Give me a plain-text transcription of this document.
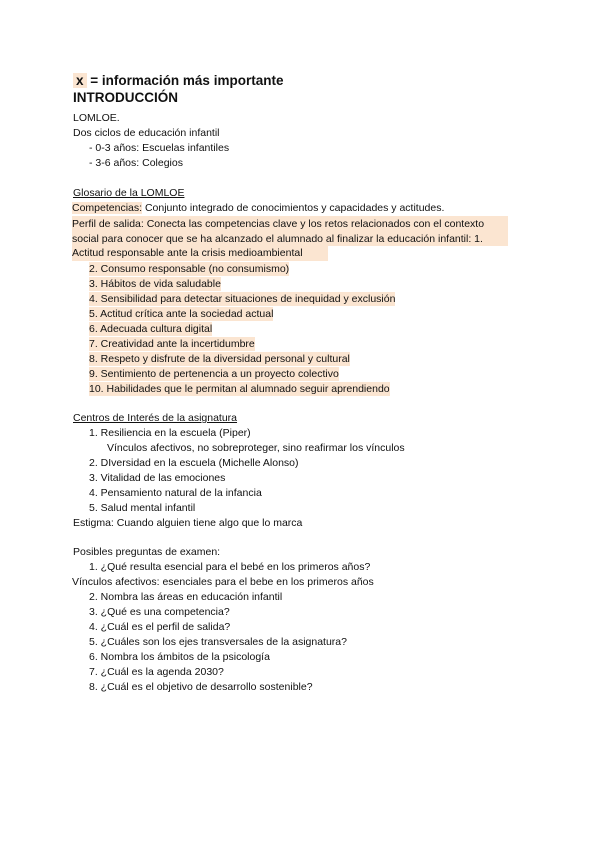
x = información más importante
INTRODUCCIÓN
LOMLOE.
Dos ciclos de educación infantil
- 0-3 años: Escuelas infantiles
- 3-6 años: Colegios
Glosario de la LOMLOE
Competencias: Conjunto integrado de conocimientos y capacidades y actitudes.
Perfil de salida: Conecta las competencias clave y los retos relacionados con el contexto social para conocer que se ha alcanzado el alumnado al finalizar la educación infantil: 1. Actitud responsable ante la crisis medioambiental
2. Consumo responsable (no consumismo)
3. Hábitos de vida saludable
4. Sensibilidad para detectar situaciones de inequidad y exclusión
5. Actitud crítica ante la sociedad actual
6. Adecuada cultura digital
7. Creatividad ante la incertidumbre
8. Respeto y disfrute de la diversidad personal y cultural
9. Sentimiento de pertenencia a un proyecto colectivo
10. Habilidades que le permitan al alumnado seguir aprendiendo
Centros de Interés de la asignatura
1. Resiliencia en la escuela (Piper)
Vínculos afectivos, no sobreproteger, sino reafirmar los vínculos
2. DIversidad en la escuela (Michelle Alonso)
3. Vitalidad de las emociones
4. Pensamiento natural de la infancia
5. Salud mental infantil
Estigma: Cuando alguien tiene algo que lo marca
Posibles preguntas de examen:
1. ¿Qué resulta esencial para el bebé en los primeros años?
Vínculos afectivos: esenciales para el bebe en los primeros años
2. Nombra las áreas en educación infantil
3. ¿Qué es una competencia?
4. ¿Cuál es el perfil de salida?
5. ¿Cuáles son los ejes transversales de la asignatura?
6. Nombra los ámbitos de la psicología
7. ¿Cuál es la agenda 2030?
8. ¿Cuál es el objetivo de desarrollo sostenible?
